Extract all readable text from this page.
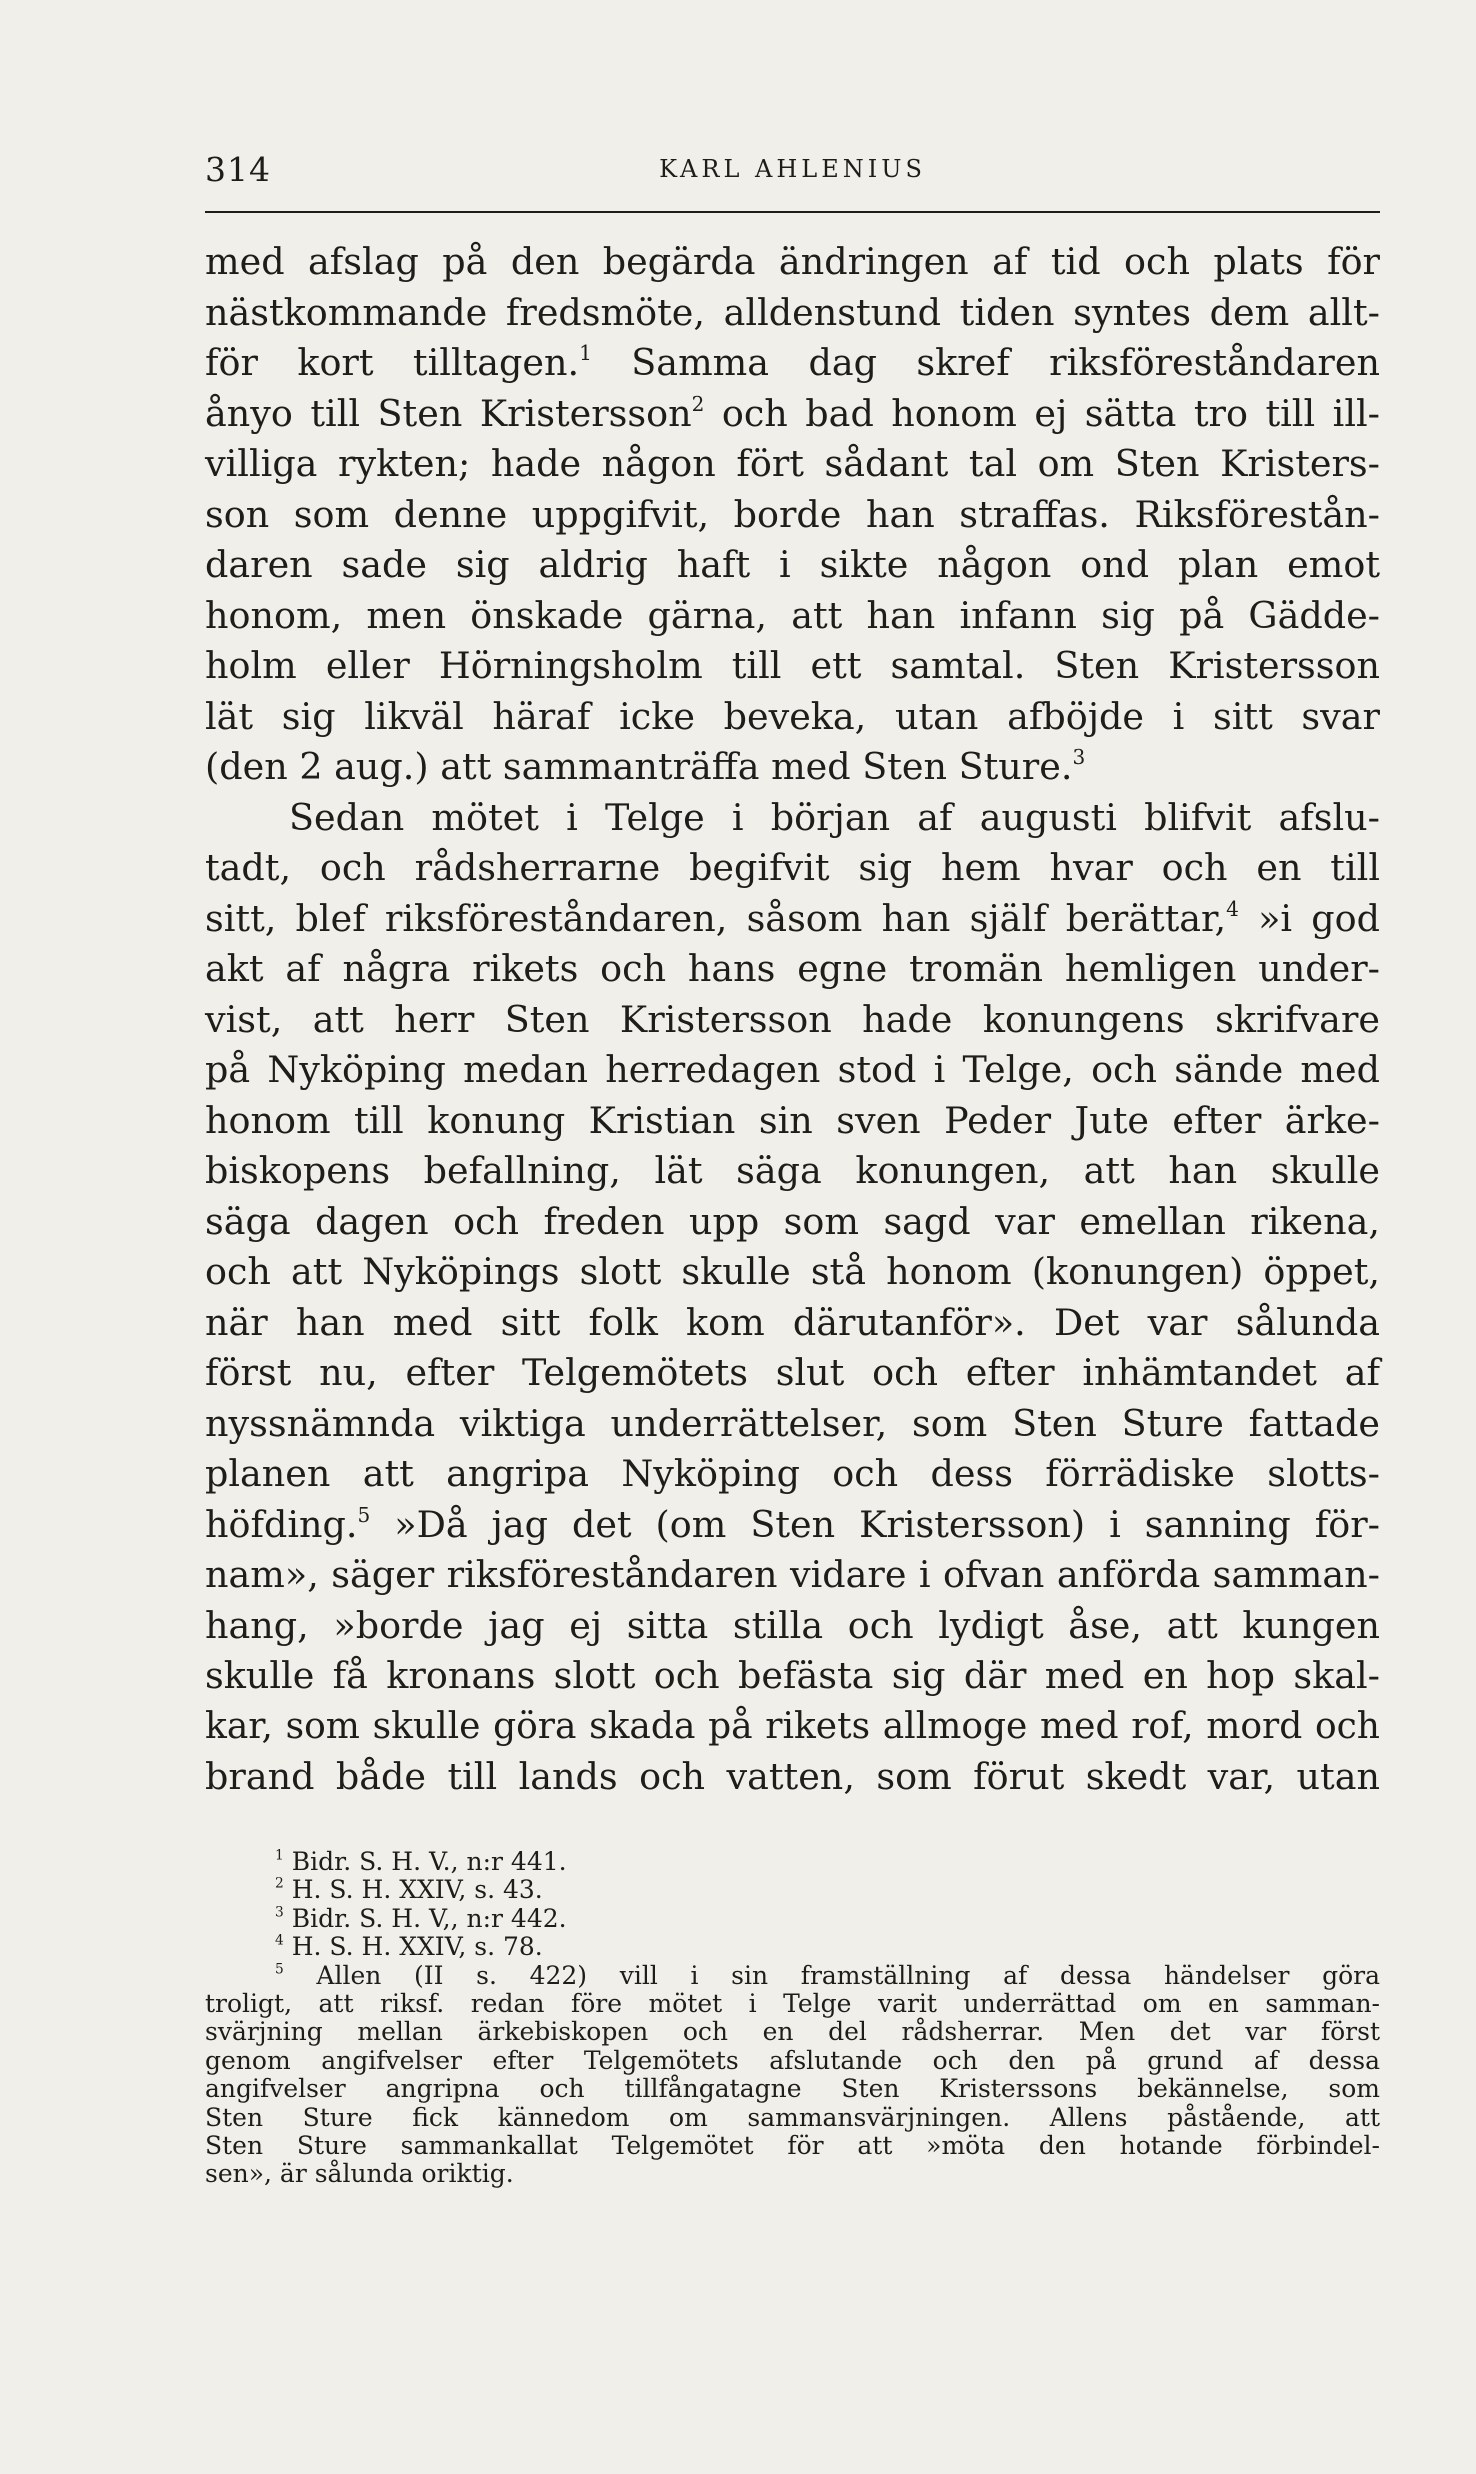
314	KARL AHLENIUS
med afslag på den begärda ändringen af tid och plats för
nästkommande fredsmöte, alldenstund tiden syntes dem allt-
för kort tilltagen.$^1$ Samma dag skref riksföreståndaren
ånyo till Sten Kristersson$^2$ och bad honom ej sätta tro till ill-
villiga rykten; hade någon fört sådant tal om Sten Kristers-
son som denne uppgifvit, borde han straffas. Riksförestån-
daren sade sig aldrig haft i sikte någon ond plan emot
honom, men önskade gärna, att han infann sig på Gädde-
holm eller Hörningsholm till ett samtal. Sten Kristersson
lät sig likväl häraf icke beveka, utan afböjde i sitt svar
(den 2 aug.) att sammanträffa med Sten Sture.$^3$
Sedan mötet i Telge i början af augusti blifvit afslu-
tadt, och rådsherrarne begifvit sig hem hvar och en till
sitt, blef riksföreståndaren, såsom han själf berättar,$^4$ »i god
akt af några rikets och hans egne tromän hemligen under-
vist, att herr Sten Kristersson hade konungens skrifvare
på Nyköping medan herredagen stod i Telge, och sände med
honom till konung Kristian sin sven Peder Jute efter ärke-
biskopens befallning, lät säga konungen, att han skulle
säga dagen och freden upp som sagd var emellan rikena,
och att Nyköpings slott skulle stå honom (konungen) öppet,
när han med sitt folk kom därutanför». Det var sålunda
först nu, efter Telgemötets slut och efter inhämtandet af
nyssnämnda viktiga underrättelser, som Sten Sture fattade
planen att angripa Nyköping och dess förrädiske slotts-
höfding.$^5$ »Då jag det (om Sten Kristersson) i sanning för-
nam», säger riksföreståndaren vidare i ofvan anförda samman-
hang, »borde jag ej sitta stilla och lydigt åse, att kungen
skulle få kronans slott och befästa sig där med en hop skal-
kar, som skulle göra skada på rikets allmoge med rof, mord och
brand både till lands och vatten, som förut skedt var, utan
$^1$ Bidr. S. H. V., n:r 441.
$^2$ H. S. H. XXIV, s. 43.
$^3$ Bidr. S. H. V,, n:r 442.
$^4$ H. S. H. XXIV, s. 78.
$^5$ Allen (II s. 422) vill i sin framställning af dessa händelser göra
troligt, att riksf. redan före mötet i Telge varit underrättad om en samman-
svärjning mellan ärkebiskopen och en del rådsherrar. Men det var först
genom angifvelser efter Telgemötets afslutande och den på grund af dessa
angifvelser angripna och tillfångatagne Sten Kristerssons bekännelse, som
Sten Sture fick kännedom om sammansvärjningen. Allens påstående, att
Sten Sture sammankallat Telgemötet för att »möta den hotande förbindel-
sen», är sålunda oriktig.
